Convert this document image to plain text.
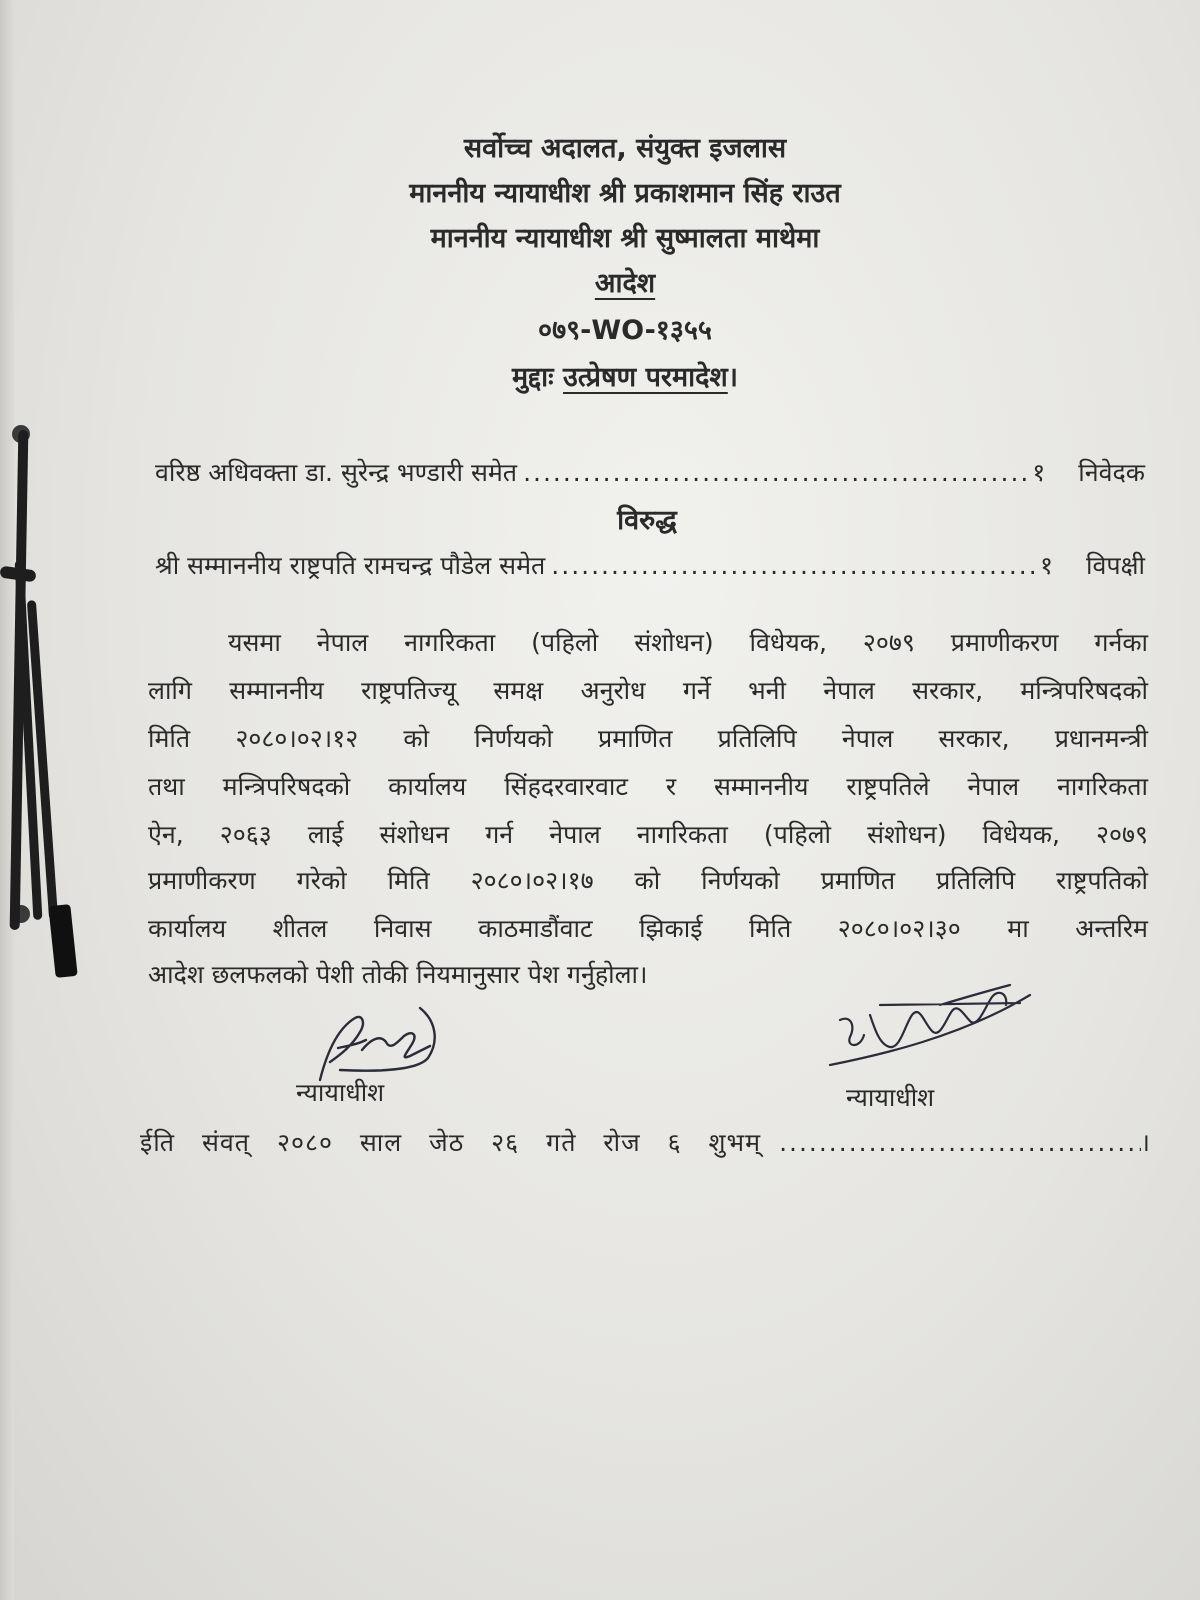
सर्वोच्च अदालत, संयुक्त इजलास
माननीय न्यायाधीश श्री प्रकाशमान सिंह राउत
माननीय न्यायाधीश श्री सुष्मालता माथेमा
आदेश
०७९-WO-१३५५
मुद्दाः उत्प्रेषण परमादेश।
वरिष्ठ अधिवक्ता डा. सुरेन्द्र भण्डारी समेत .....	१	निवेदक
विरुद्ध
श्री सम्माननीय राष्ट्रपति रामचन्द्र पौडेल समेत .....	१	विपक्षी
यसमा नेपाल नागरिकता (पहिलो संशोधन) विधेयक, २०७९ प्रमाणीकरण गर्नका
लागि सम्माननीय राष्ट्रपतिज्यू समक्ष अनुरोध गर्ने भनी नेपाल सरकार, मन्त्रिपरिषदको
मिति २०८०।०२।१२ को निर्णयको प्रमाणित प्रतिलिपि नेपाल सरकार, प्रधानमन्त्री
तथा मन्त्रिपरिषदको कार्यालय सिंहदरवारवाट र सम्माननीय राष्ट्रपतिले नेपाल नागरिकता
ऐन, २०६३ लाई संशोधन गर्न नेपाल नागरिकता (पहिलो संशोधन) विधेयक, २०७९
प्रमाणीकरण गरेको मिति २०८०।०२।१७ को निर्णयको प्रमाणित प्रतिलिपि राष्ट्रपतिको
कार्यालय शीतल निवास काठमाडौंवाट झिकाई मिति २०८०।०२।३० मा अन्तरिम
आदेश छलफलको पेशी तोकी नियमानुसार पेश गर्नुहोला।
न्यायाधीश	न्यायाधीश
ईति संवत् २०८० साल जेठ २६ गते रोज ६ शुभम् .....	।
